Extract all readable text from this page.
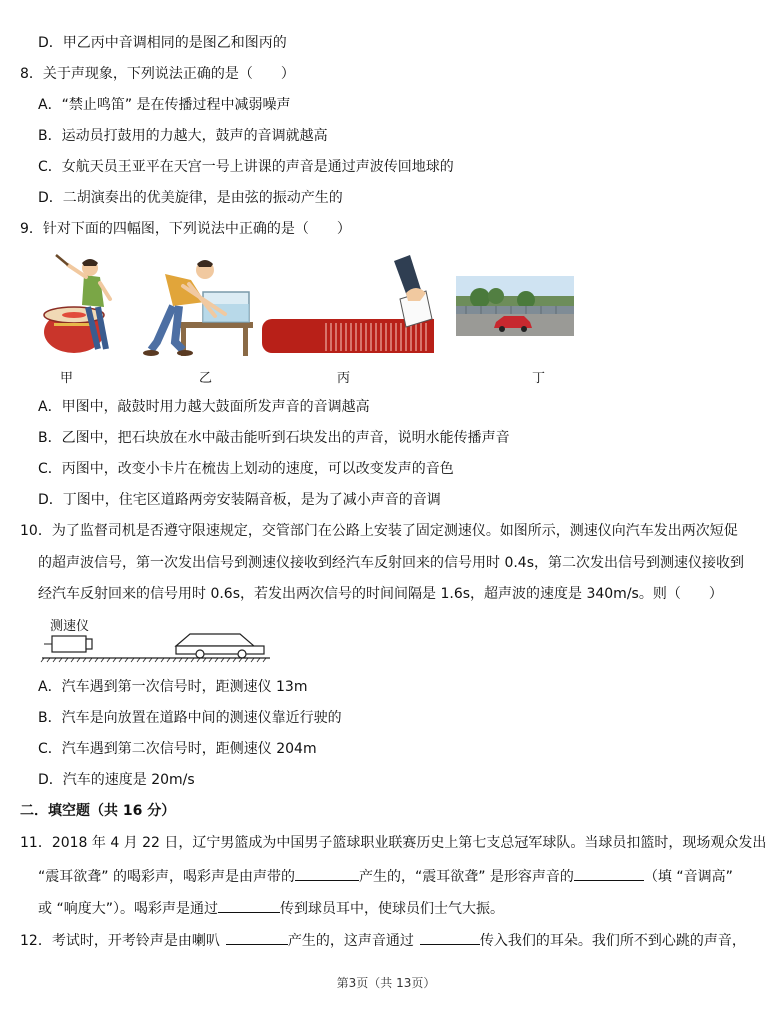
D．甲乙丙中音调相同的是图乙和图丙的
8．关于声现象，下列说法正确的是（　　）
A．“禁止鸣笛” 是在传播过程中减弱噪声
B．运动员打鼓用的力越大，鼓声的音调就越高
C．女航天员王亚平在天宫一号上讲课的声音是通过声波传回地球的
D．二胡演奏出的优美旋律，是由弦的振动产生的
9．针对下面的四幅图，下列说法中正确的是（　　）
甲	乙	丙	丁
A．甲图中，敲鼓时用力越大鼓面所发声音的音调越高
B．乙图中，把石块放在水中敲击能听到石块发出的声音，说明水能传播声音
C．丙图中，改变小卡片在梳齿上划动的速度，可以改变发声的音色
D．丁图中，住宅区道路两旁安装隔音板，是为了减小声音的音调
10．为了监督司机是否遵守限速规定，交管部门在公路上安装了固定测速仪。如图所示，测速仪向汽车发出两次短促
的超声波信号，第一次发出信号到测速仪接收到经汽车反射回来的信号用时 0.4s，第二次发出信号到测速仪接收到
经汽车反射回来的信号用时 0.6s，若发出两次信号的时间间隔是 1.6s，超声波的速度是 340m/s。则（　　）
测速仪
A．汽车遇到第一次信号时，距测速仪 13m
B．汽车是向放置在道路中间的测速仪靠近行驶的
C．汽车遇到第二次信号时，距侧速仪 204m
D．汽车的速度是 20m/s
二．填空题（共 16 分）
11．2018 年 4 月 22 日，辽宁男篮成为中国男子篮球职业联赛历史上第七支总冠军球队。当球员扣篮时，现场观众发出
“震耳欲聋” 的喝彩声，喝彩声是由声带的	产生的，“震耳欲聋” 是形容声音的	（填 “音调高”
或 “响度大”）。喝彩声是通过	传到球员耳中，使球员们士气大振。
12．考试时，开考铃声是由喇叭	产生的，这声音通过	传入我们的耳朵。我们所不到心跳的声音，
第3页（共 13页）
